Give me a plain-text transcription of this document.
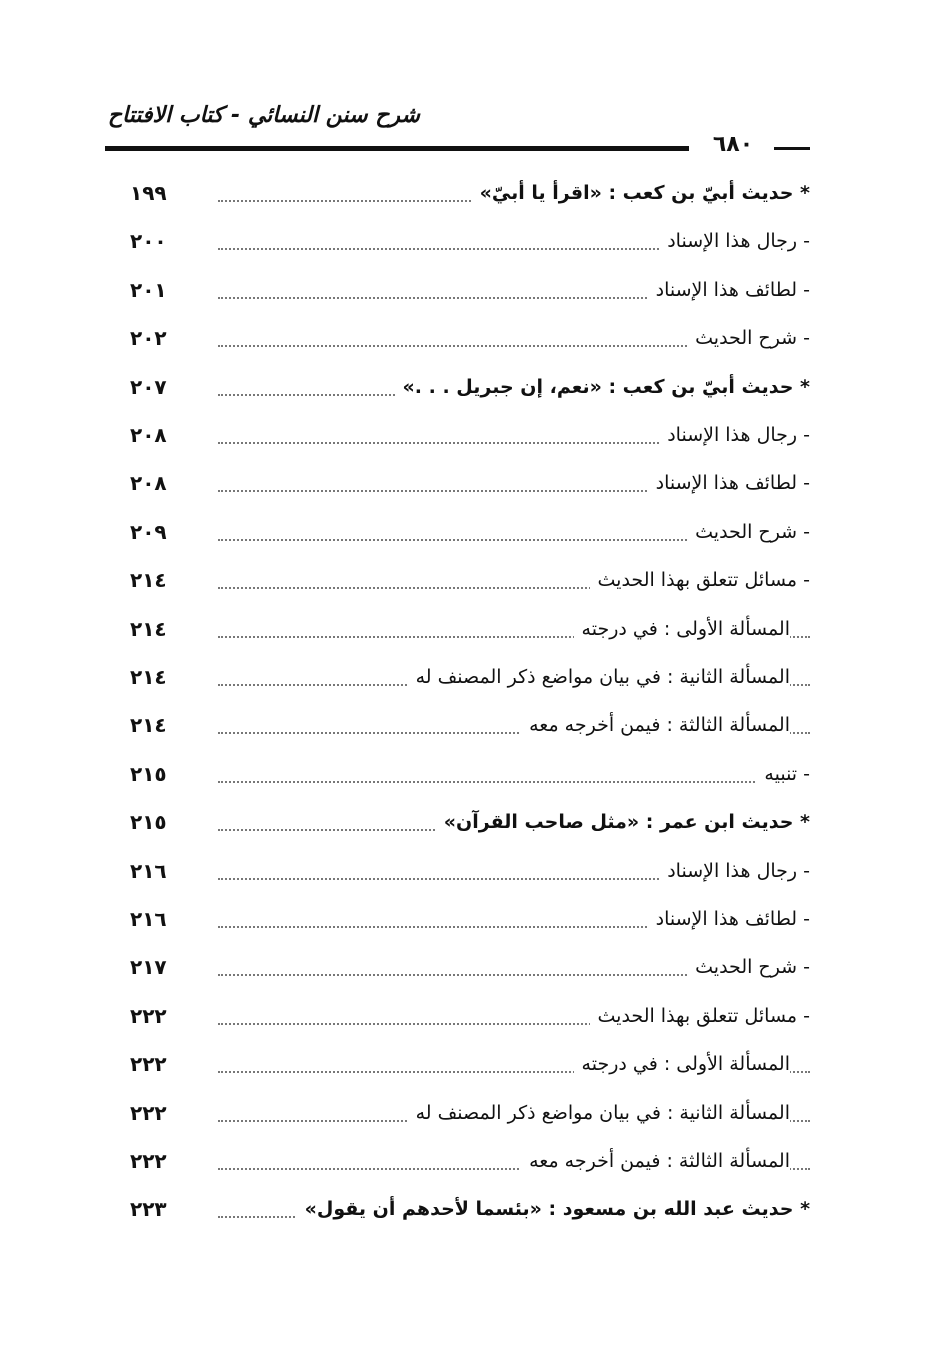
شرح سنن النسائي - كتاب الافتتاح
٦٨٠
* حديث أبيّ بن كعب : «اقرأ يا أبيّ»
١٩٩
- رجال هذا الإسناد
٢٠٠
- لطائف هذا الإسناد
٢٠١
- شرح الحديث
٢٠٢
* حديث أبيّ بن كعب : «نعم، إن جبريل . . .»
٢٠٧
- رجال هذا الإسناد
٢٠٨
- لطائف هذا الإسناد
٢٠٨
- شرح الحديث
٢٠٩
- مسائل تتعلق بهذا الحديث
٢١٤
المسألة الأولى : في درجته
٢١٤
المسألة الثانية : في بيان مواضع ذكر المصنف له
٢١٤
المسألة الثالثة : فيمن أخرجه معه
٢١٤
- تنبيه
٢١٥
* حديث ابن عمر : «مثل صاحب القرآن»
٢١٥
- رجال هذا الإسناد
٢١٦
- لطائف هذا الإسناد
٢١٦
- شرح الحديث
٢١٧
- مسائل تتعلق بهذا الحديث
٢٢٢
المسألة الأولى : في درجته
٢٢٢
المسألة الثانية : في بيان مواضع ذكر المصنف له
٢٢٢
المسألة الثالثة : فيمن أخرجه معه
٢٢٢
* حديث عبد الله بن مسعود : «بئسما لأحدهم أن يقول»
٢٢٣
